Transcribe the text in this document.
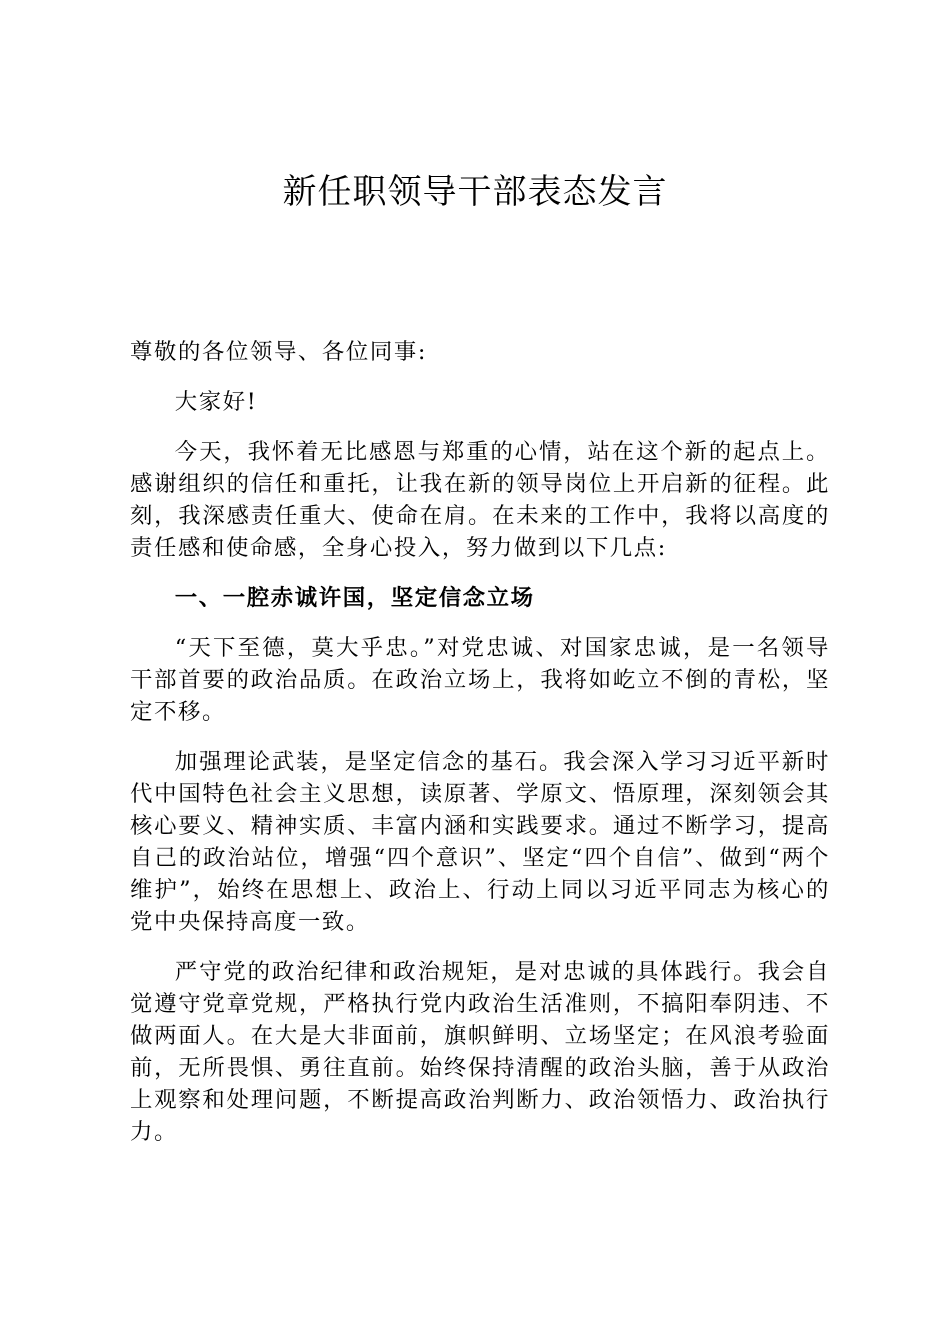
新任职领导干部表态发言

尊敬的各位领导、各位同事:

大家好!

今天，我怀着无比感恩与郑重的心情，站在这个新的起点上。感谢组织的信任和重托，让我在新的领导岗位上开启新的征程。此刻，我深感责任重大、使命在肩。在未来的工作中，我将以高度的责任感和使命感，全身心投入，努力做到以下几点:

一、一腔赤诚许国，坚定信念立场

“天下至德，莫大乎忠。”对党忠诚、对国家忠诚，是一名领导干部首要的政治品质。在政治立场上，我将如屹立不倒的青松，坚定不移。

加强理论武装，是坚定信念的基石。我会深入学习习近平新时代中国特色社会主义思想，读原著、学原文、悟原理，深刻领会其核心要义、精神实质、丰富内涵和实践要求。通过不断学习，提高自己的政治站位，增强“四个意识”、坚定“四个自信”、做到“两个维护”，始终在思想上、政治上、行动上同以习近平同志为核心的党中央保持高度一致。

严守党的政治纪律和政治规矩，是对忠诚的具体践行。我会自觉遵守党章党规，严格执行党内政治生活准则，不搞阳奉阴违、不做两面人。在大是大非面前，旗帜鲜明、立场坚定；在风浪考验面前，无所畏惧、勇往直前。始终保持清醒的政治头脑，善于从政治上观察和处理问题，不断提高政治判断力、政治领悟力、政治执行力。
